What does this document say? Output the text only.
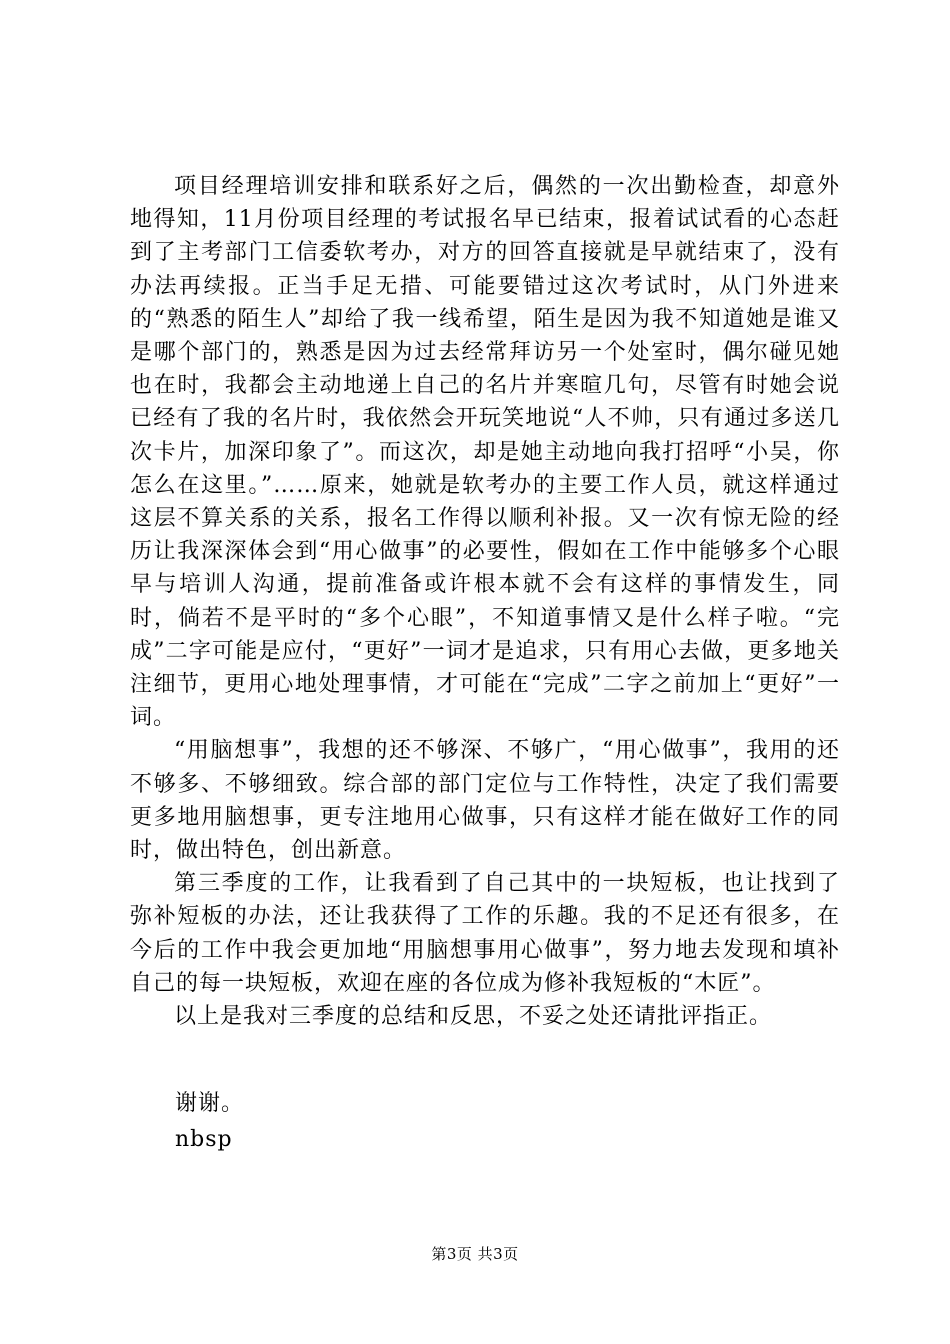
项目经理培训安排和联系好之后，偶然的一次出勤检查，却意外地得知，11月份项目经理的考试报名早已结束，报着试试看的心态赶到了主考部门工信委软考办，对方的回答直接就是早就结束了，没有办法再续报。正当手足无措、可能要错过这次考试时，从门外进来的“熟悉的陌生人”却给了我一线希望，陌生是因为我不知道她是谁又是哪个部门的，熟悉是因为过去经常拜访另一个处室时，偶尔碰见她也在时，我都会主动地递上自己的名片并寒暄几句，尽管有时她会说已经有了我的名片时，我依然会开玩笑地说“人不帅，只有通过多送几次卡片，加深印象了”。而这次，却是她主动地向我打招呼“小吴，你怎么在这里。”……原来，她就是软考办的主要工作人员，就这样通过这层不算关系的关系，报名工作得以顺利补报。又一次有惊无险的经历让我深深体会到“用心做事”的必要性，假如在工作中能够多个心眼早与培训人沟通，提前准备或许根本就不会有这样的事情发生，同时，倘若不是平时的“多个心眼”，不知道事情又是什么样子啦。“完成”二字可能是应付，“更好”一词才是追求，只有用心去做，更多地关注细节，更用心地处理事情，才可能在“完成”二字之前加上“更好”一词。

“用脑想事”，我想的还不够深、不够广，“用心做事”，我用的还不够多、不够细致。综合部的部门定位与工作特性，决定了我们需要更多地用脑想事，更专注地用心做事，只有这样才能在做好工作的同时，做出特色，创出新意。

第三季度的工作，让我看到了自己其中的一块短板，也让找到了弥补短板的办法，还让我获得了工作的乐趣。我的不足还有很多，在今后的工作中我会更加地“用脑想事用心做事”，努力地去发现和填补自己的每一块短板，欢迎在座的各位成为修补我短板的“木匠”。

以上是我对三季度的总结和反思，不妥之处还请批评指正。

谢谢。
nbsp
第3页 共3页
